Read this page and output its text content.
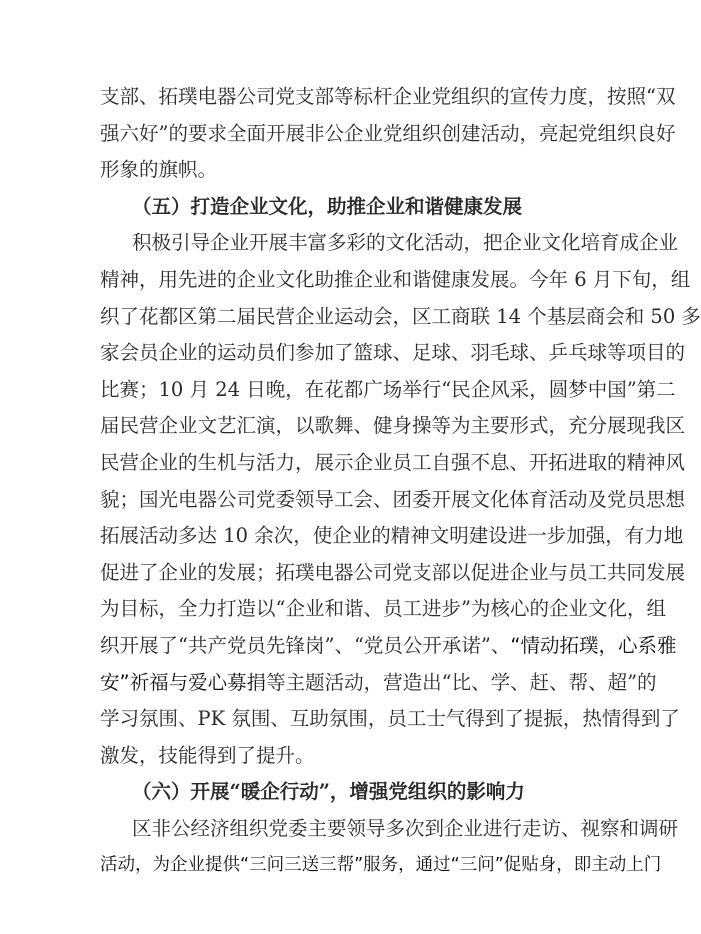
支部、拓璞电器公司党支部等标杆企业党组织的宣传力度，按照“双
强六好”的要求全面开展非公企业党组织创建活动，亮起党组织良好
形象的旗帜。
（五）打造企业文化，助推企业和谐健康发展
积极引导企业开展丰富多彩的文化活动，把企业文化培育成企业
精神，用先进的企业文化助推企业和谐健康发展。今年 6 月下旬，组
织了花都区第二届民营企业运动会，区工商联 14 个基层商会和 50 多
家会员企业的运动员们参加了篮球、足球、羽毛球、乒乓球等项目的
比赛；10 月 24 日晚，在花都广场举行“民企风采，圆梦中国”第二
届民营企业文艺汇演，以歌舞、健身操等为主要形式，充分展现我区
民营企业的生机与活力，展示企业员工自强不息、开拓进取的精神风
貌；国光电器公司党委领导工会、团委开展文化体育活动及党员思想
拓展活动多达 10 余次，使企业的精神文明建设进一步加强，有力地
促进了企业的发展；拓璞电器公司党支部以促进企业与员工共同发展
为目标，全力打造以“企业和谐、员工进步”为核心的企业文化，组
织开展了“共产党员先锋岗”、“党员公开承诺”、 “情动拓璞，心系雅
安”祈福与爱心募捐 等主题活动，营造出“比、学、赶、帮、超”的
学习氛围、PK 氛围、互助氛围，员工士气得到了提振，热情得到了
激发，技能得到了提升。
（六）开展“暖企行动”，增强党组织的影响力
区非公经济组织党委主要领导多次到企业进行走访、视察和调研
活动，为企业提供“三问三送三帮”服务，通过“三问”促贴身，即主动上门
